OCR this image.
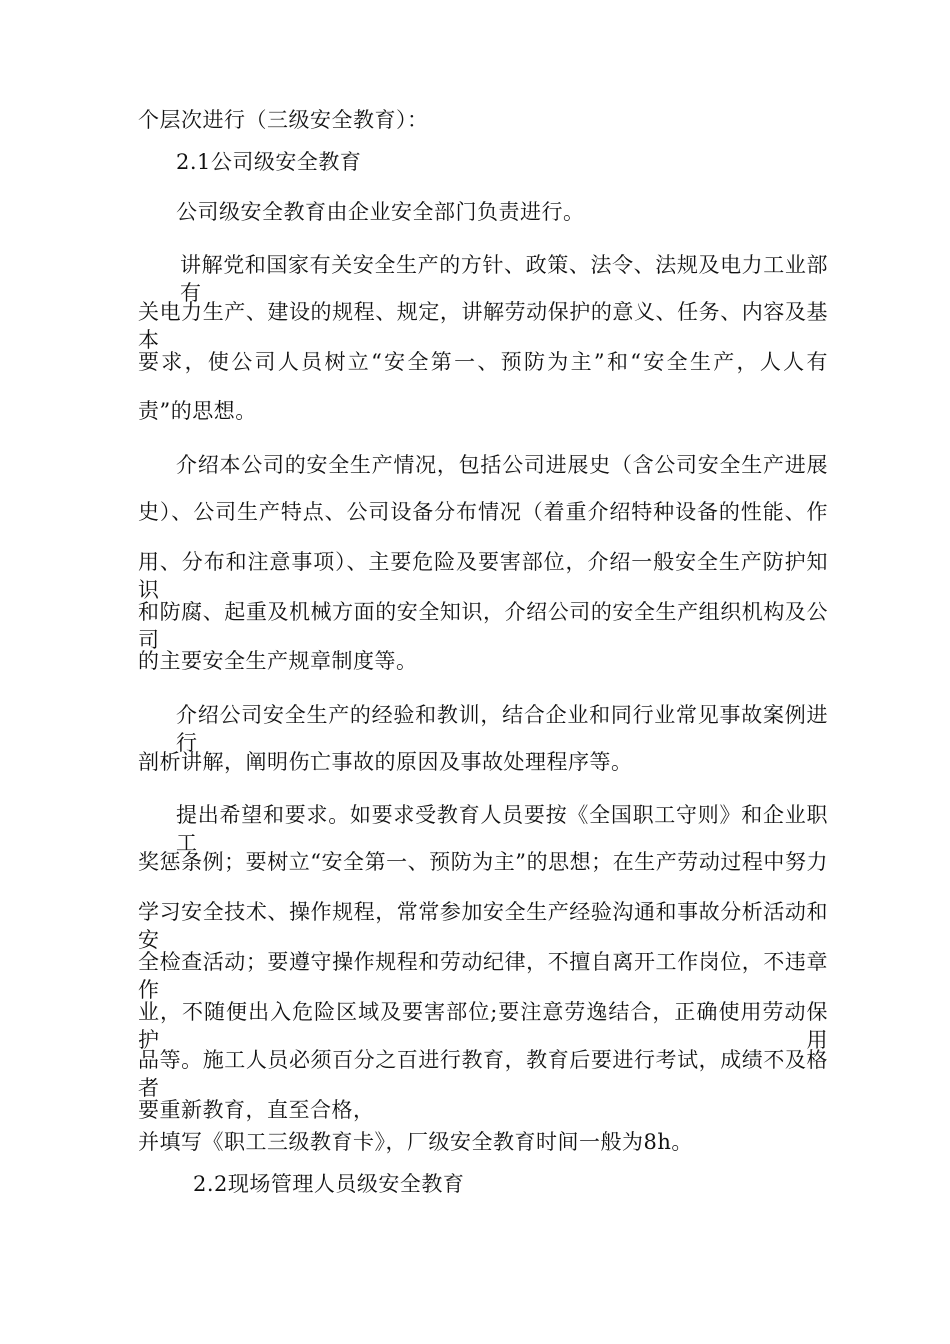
个层次进行（三级安全教育）：
2.1公司级安全教育
公司级安全教育由企业安全部门负责进行。
讲解党和国家有关安全生产的方针、政策、法令、法规及电力工业部有
关电力生产、建设的规程、规定，讲解劳动保护的意义、任务、内容及基本
要求，使公司人员树立“安全第一、预防为主”和“安全生产，人人有
责”的思想。
介绍本公司的安全生产情况，包括公司进展史（含公司安全生产进展
史）、公司生产特点、公司设备分布情况（着重介绍特种设备的性能、作
用、分布和注意事项）、主要危险及要害部位，介绍一般安全生产防护知识
和防腐、起重及机械方面的安全知识，介绍公司的安全生产组织机构及公司
的主要安全生产规章制度等。
介绍公司安全生产的经验和教训，结合企业和同行业常见事故案例进行
剖析讲解，阐明伤亡事故的原因及事故处理程序等。
提出希望和要求。如要求受教育人员要按《全国职工守则》和企业职工
奖惩条例；要树立“安全第一、预防为主”的思想；在生产劳动过程中努力
学习安全技术、操作规程，常常参加安全生产经验沟通和事故分析活动和安
全检查活动；要遵守操作规程和劳动纪律，不擅自离开工作岗位，不违章作
业，不随便出入危险区域及要害部位;要注意劳逸结合，正确使用劳动保护用
品等。施工人员必须百分之百进行教育，教育后要进行考试，成绩不及格者
要重新教育，直至合格，
并填写《职工三级教育卡》，厂级安全教育时间一般为8h。
2.2现场管理人员级安全教育
